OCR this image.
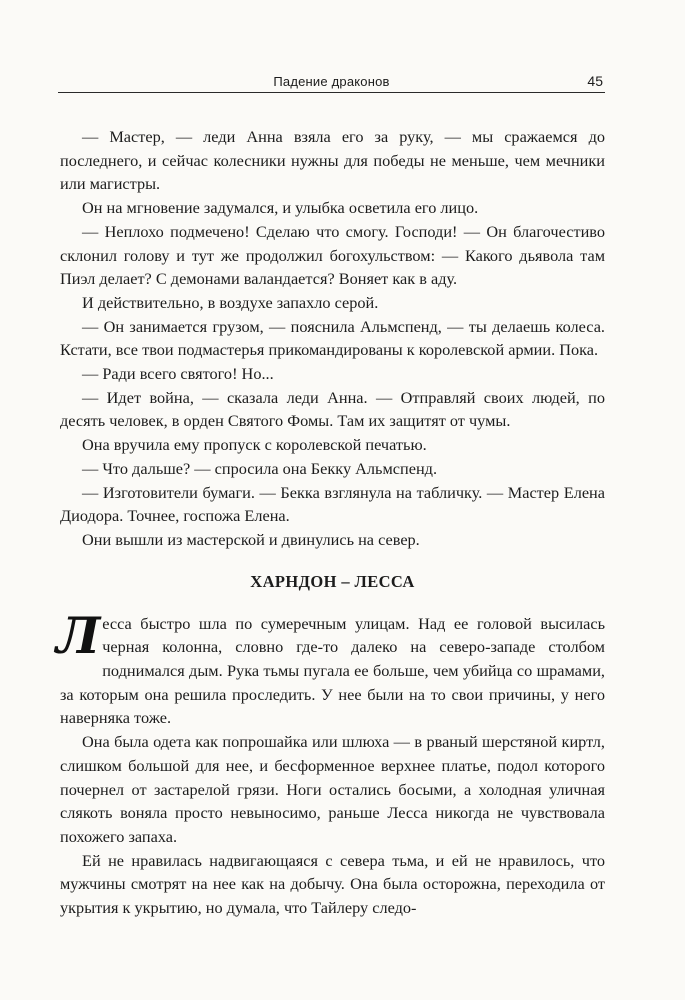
Падение драконов	45

— Мастер, — леди Анна взяла его за руку, — мы сражаемся до последнего, и сейчас колесники нужны для победы не меньше, чем мечники или магистры.

Он на мгновение задумался, и улыбка осветила его лицо.

— Неплохо подмечено! Сделаю что смогу. Господи! — Он благочестиво склонил голову и тут же продолжил богохульством: — Какого дьявола там Пиэл делает? С демонами валандается? Воняет как в аду.

И действительно, в воздухе запахло серой.

— Он занимается грузом, — пояснила Альмспенд, — ты делаешь колеса. Кстати, все твои подмастерья прикомандированы к королевской армии. Пока.

— Ради всего святого! Но...

— Идет война, — сказала леди Анна. — Отправляй своих людей, по десять человек, в орден Святого Фомы. Там их защитят от чумы.

Она вручила ему пропуск с королевской печатью.

— Что дальше? — спросила она Бекку Альмспенд.

— Изготовители бумаги. — Бекка взглянула на табличку. — Мастер Елена Диодора. Точнее, госпожа Елена.

Они вышли из мастерской и двинулись на север.

ХАРНДОН – ЛЕССА

Лесса быстро шла по сумеречным улицам. Над ее головой высилась черная колонна, словно где-то далеко на северо-западе столбом поднимался дым. Рука тьмы пугала ее больше, чем убийца со шрамами, за которым она решила проследить. У нее были на то свои причины, у него наверняка тоже.

Она была одета как попрошайка или шлюха — в рваный шерстяной киртл, слишком большой для нее, и бесформенное верхнее платье, подол которого почернел от застарелой грязи. Ноги остались босыми, а холодная уличная слякоть воняла просто невыносимо, раньше Лесса никогда не чувствовала похожего запаха.

Ей не нравилась надвигающаяся с севера тьма, и ей не нравилось, что мужчины смотрят на нее как на добычу. Она была осторожна, переходила от укрытия к укрытию, но думала, что Тайлеру следо-
